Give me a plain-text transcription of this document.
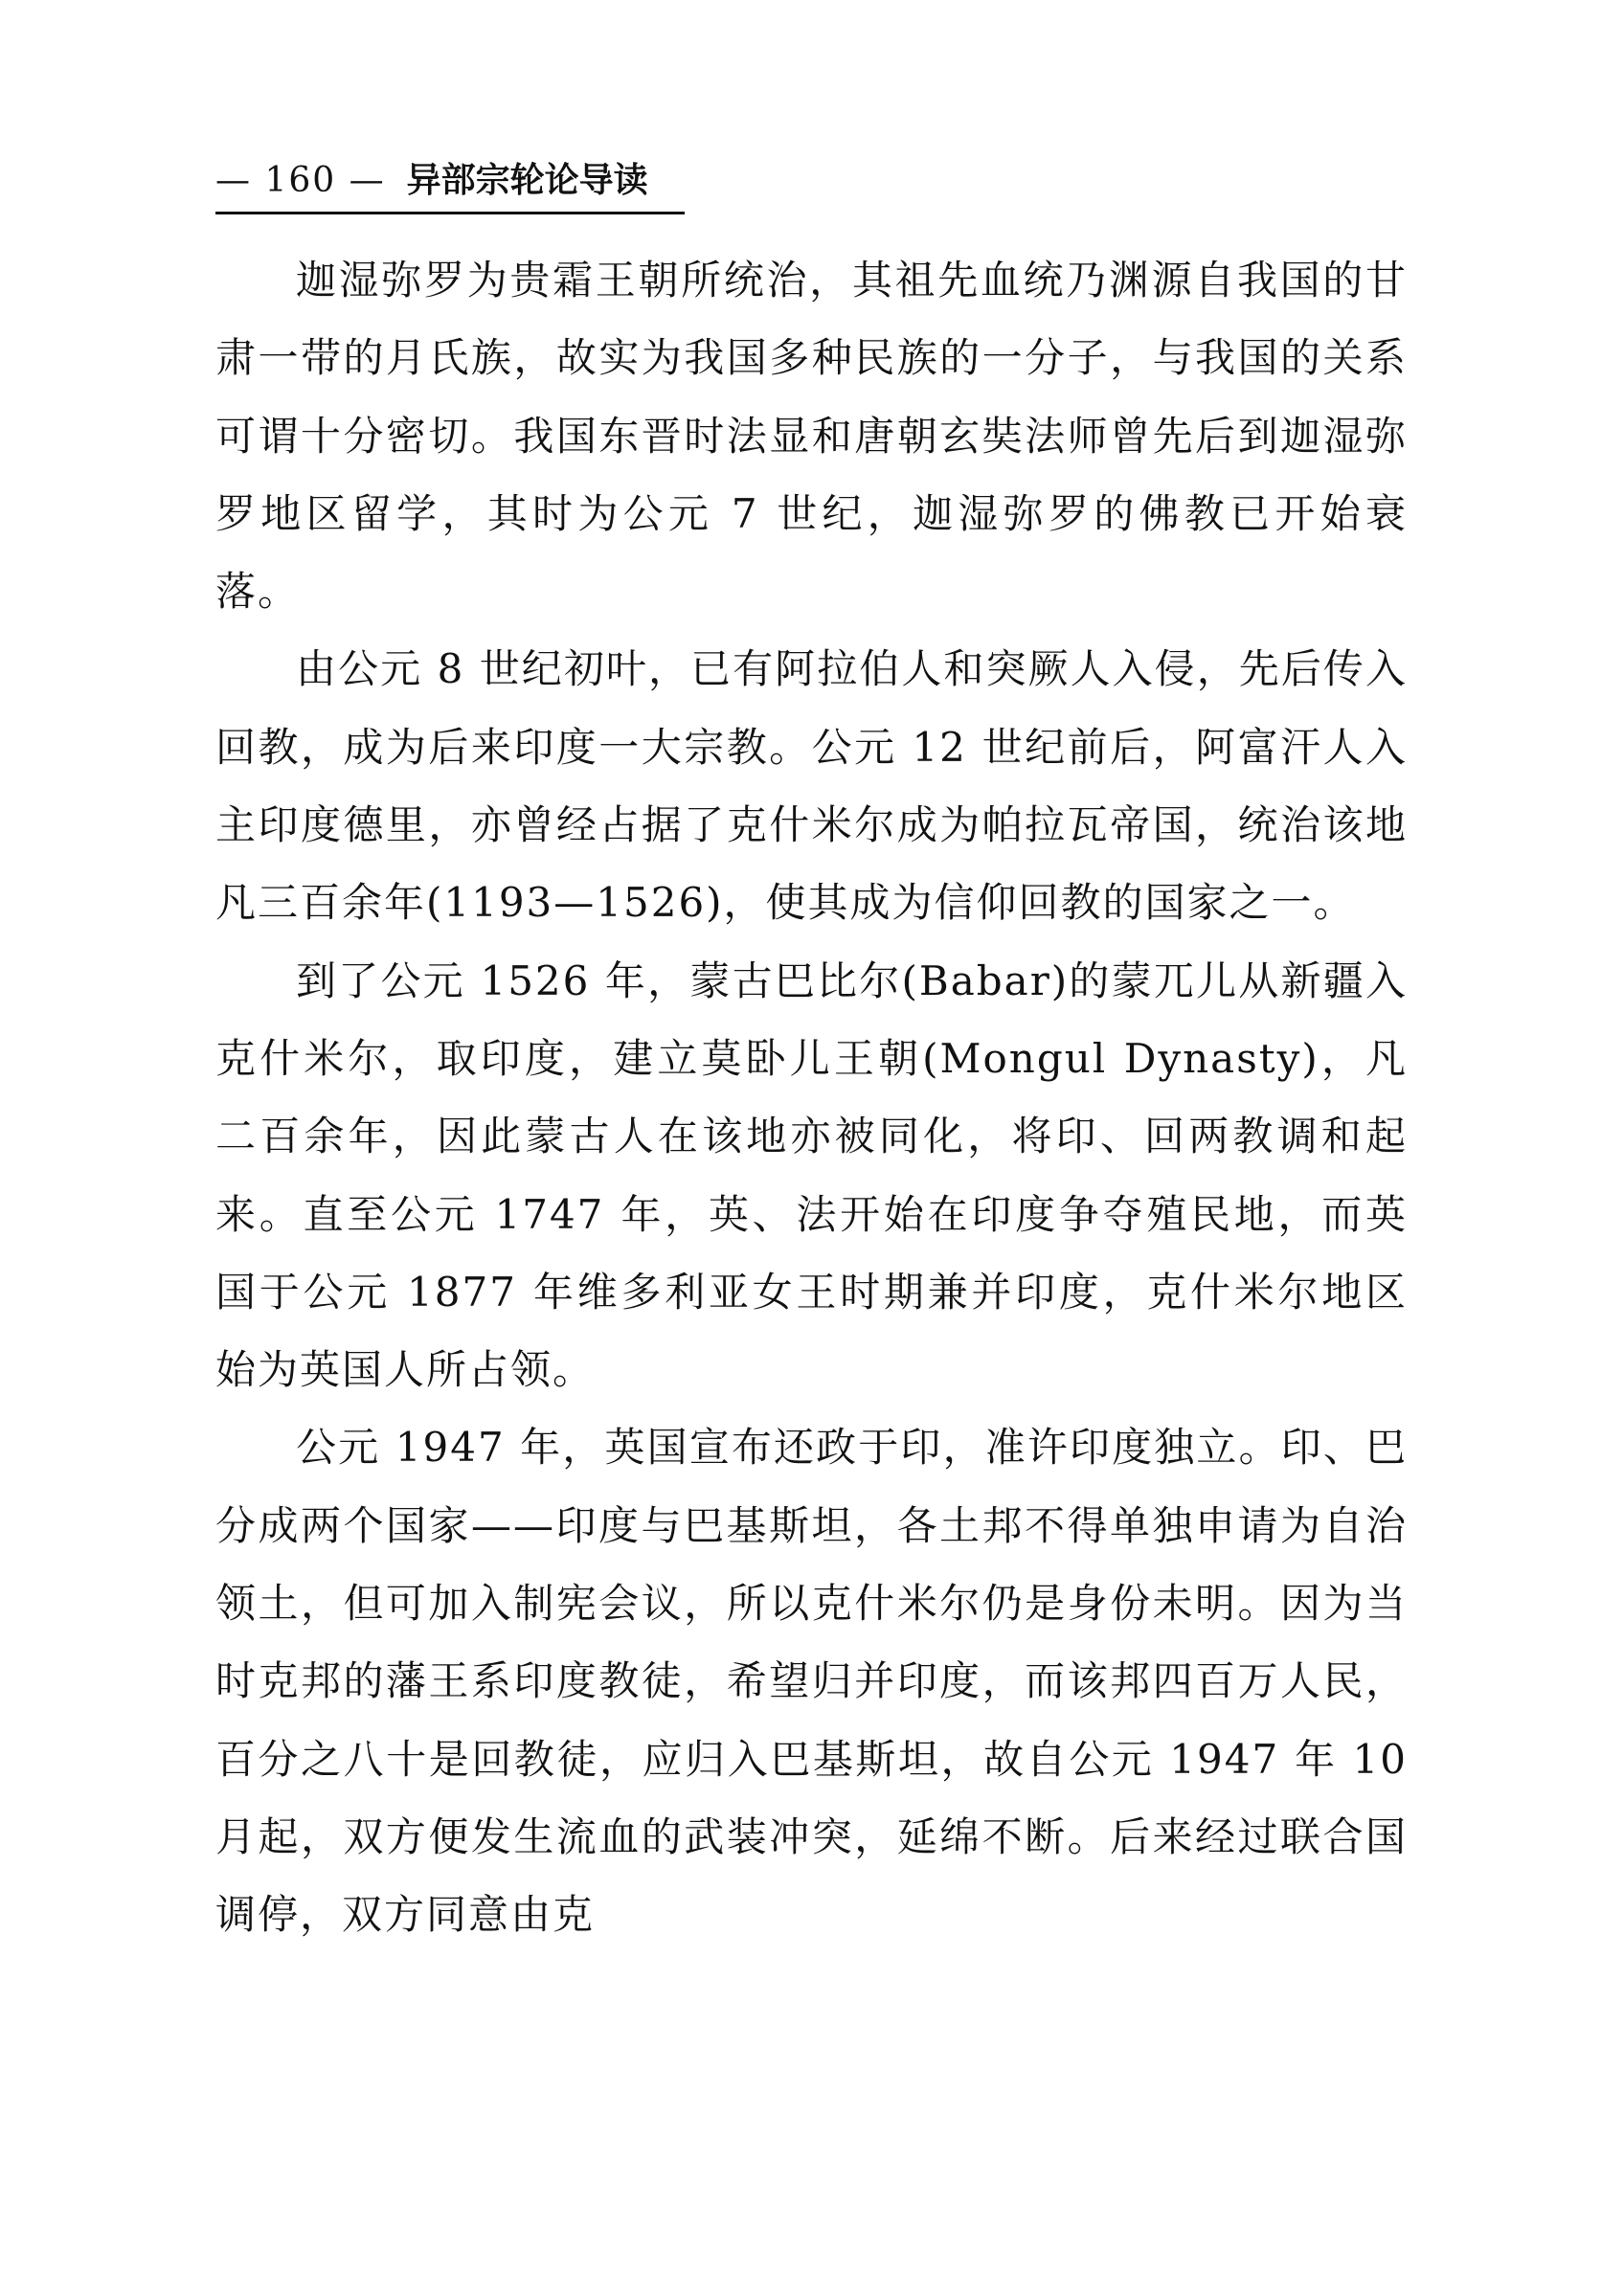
— 160 — 异部宗轮论导读

迦湿弥罗为贵霜王朝所统治，其祖先血统乃渊源自我国的甘肃一带的月氏族，故实为我国多种民族的一分子，与我国的关系可谓十分密切。我国东晋时法显和唐朝玄奘法师曾先后到迦湿弥罗地区留学，其时为公元 7 世纪，迦湿弥罗的佛教已开始衰落。

由公元 8 世纪初叶，已有阿拉伯人和突厥人入侵，先后传入回教，成为后来印度一大宗教。公元 12 世纪前后，阿富汗人入主印度德里，亦曾经占据了克什米尔成为帕拉瓦帝国，统治该地凡三百余年(1193—1526)，使其成为信仰回教的国家之一。

到了公元 1526 年，蒙古巴比尔(Babar)的蒙兀儿从新疆入克什米尔，取印度，建立莫卧儿王朝(Mongul Dynasty)，凡二百余年，因此蒙古人在该地亦被同化，将印、回两教调和起来。直至公元 1747 年，英、法开始在印度争夺殖民地，而英国于公元 1877 年维多利亚女王时期兼并印度，克什米尔地区始为英国人所占领。

公元 1947 年，英国宣布还政于印，准许印度独立。印、巴分成两个国家——印度与巴基斯坦，各土邦不得单独申请为自治领土，但可加入制宪会议，所以克什米尔仍是身份未明。因为当时克邦的藩王系印度教徒，希望归并印度，而该邦四百万人民，百分之八十是回教徒，应归入巴基斯坦，故自公元 1947 年 10 月起，双方便发生流血的武装冲突，延绵不断。后来经过联合国调停，双方同意由克
